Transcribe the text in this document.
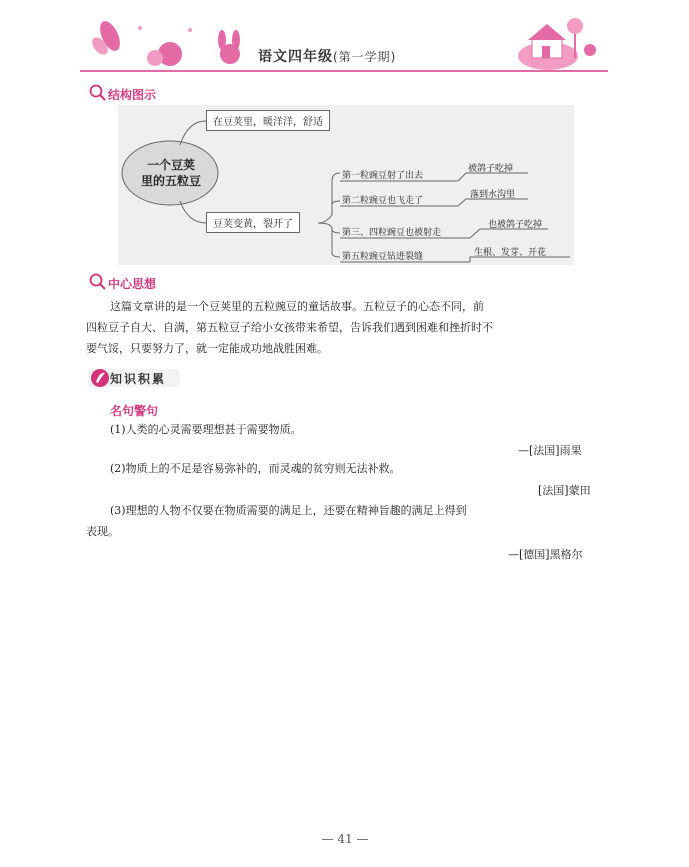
语文四年级(第一学期)
结构图示
一个豆荚
里的五粒豆
在豆荚里，暖洋洋，舒适
豆荚变黄，裂开了
第一粒豌豆射了出去
被鸽子吃掉
第二粒豌豆也飞走了
落到水沟里
第三、四粒豌豆也被射走
也被鸽子吃掉
第五粒豌豆钻进裂缝	生根、发芽、开花
中心思想
这篇文章讲的是一个豆荚里的五粒豌豆的童话故事。五粒豆子的心态不同，前
四粒豆子自大、自满，第五粒豆子给小女孩带来希望，告诉我们遇到困难和挫折时不
要气馁，只要努力了，就一定能成功地战胜困难。
知识积累
名句警句
(1)人类的心灵需要理想甚于需要物质。
—[法国]雨果
(2)物质上的不足是容易弥补的，而灵魂的贫穷则无法补救。
[法国]蒙田
(3)理想的人物不仅要在物质需要的满足上，还要在精神旨趣的满足上得到
表现。
—[德国]黑格尔
— 41 —
